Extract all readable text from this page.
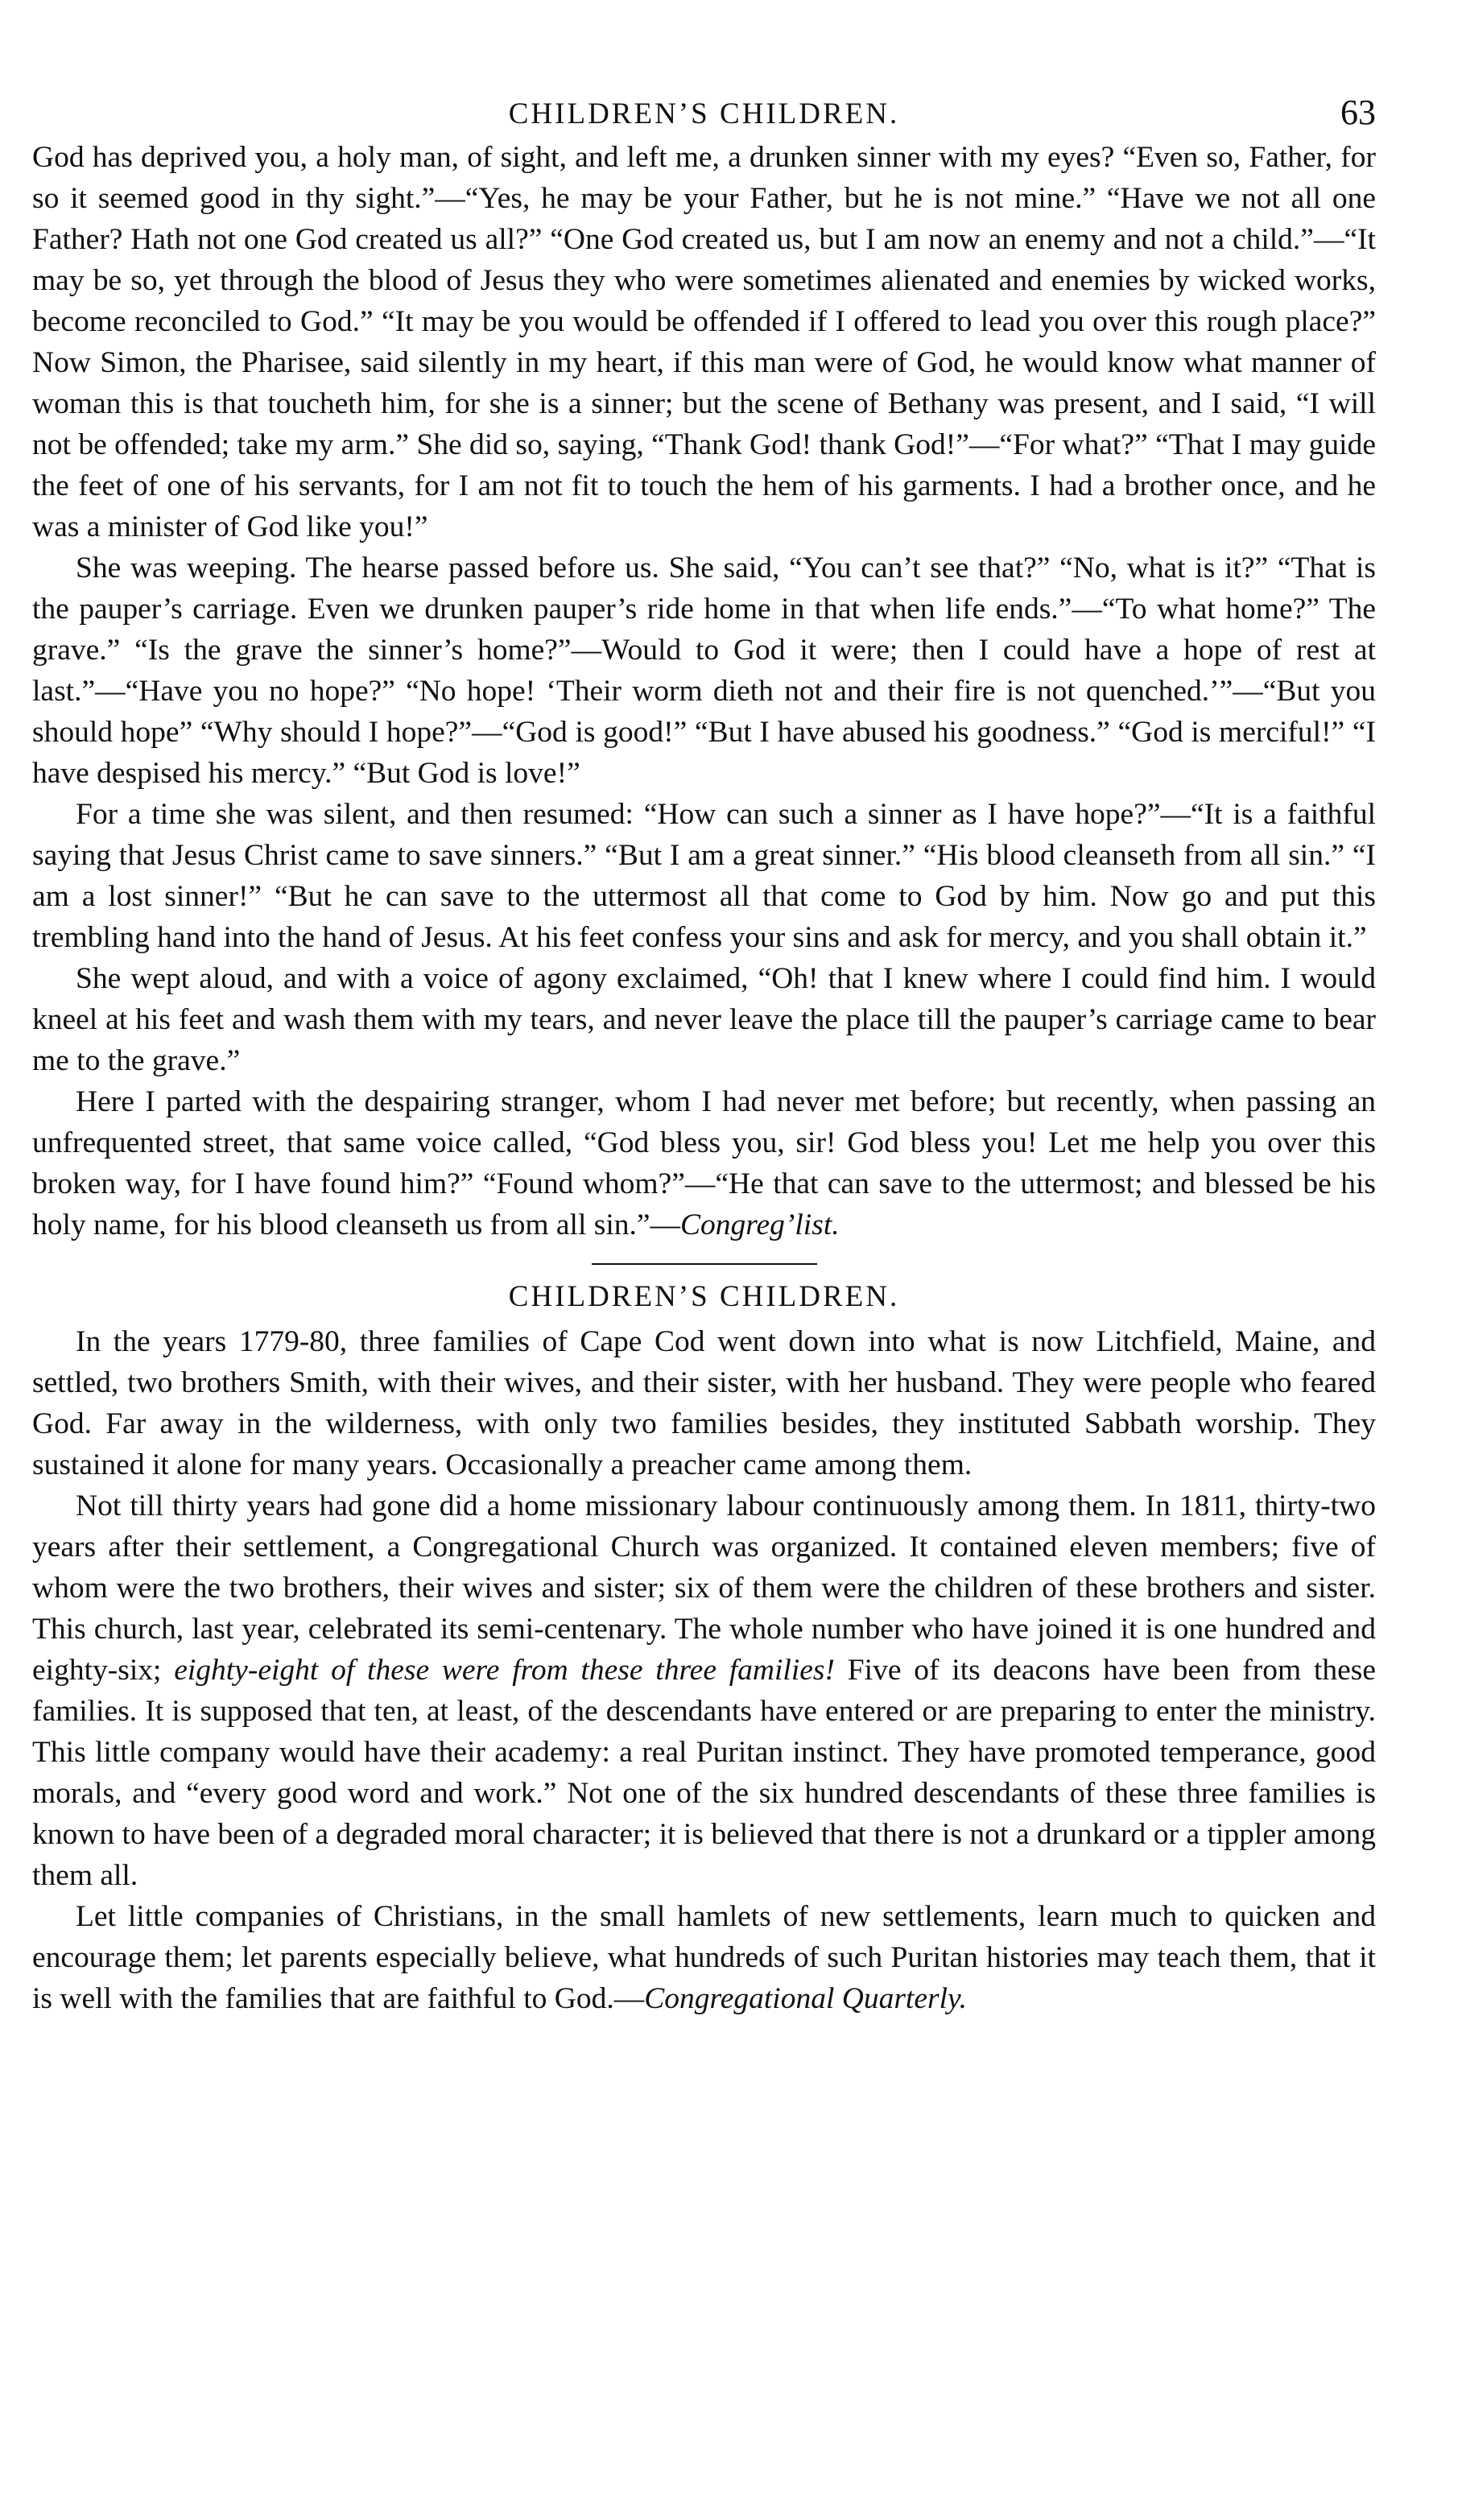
CHILDREN’S CHILDREN.	63

God has deprived you, a holy man, of sight, and left me, a drunken sinner with my eyes? “Even so, Father, for so it seemed good in thy sight.”—“Yes, he may be your Father, but he is not mine.” “Have we not all one Father? Hath not one God created us all?” “One God created us, but I am now an enemy and not a child.”—“It may be so, yet through the blood of Jesus they who were sometimes alienated and enemies by wicked works, become reconciled to God.” “It may be you would be offended if I offered to lead you over this rough place?” Now Simon, the Pharisee, said silently in my heart, if this man were of God, he would know what manner of woman this is that toucheth him, for she is a sinner; but the scene of Bethany was present, and I said, “I will not be offended; take my arm.” She did so, saying, “Thank God! thank God!”—“For what?” “That I may guide the feet of one of his servants, for I am not fit to touch the hem of his garments. I had a brother once, and he was a minister of God like you!”

She was weeping. The hearse passed before us. She said, “You can’t see that?” “No, what is it?” “That is the pauper’s carriage. Even we drunken pauper’s ride home in that when life ends.”—“To what home?” The grave.” “Is the grave the sinner’s home?”—Would to God it were; then I could have a hope of rest at last.”—“Have you no hope?” “No hope! ‘Their worm dieth not and their fire is not quenched.’”—“But you should hope” “Why should I hope?”—“God is good!” “But I have abused his goodness.” “God is merciful!” “I have despised his mercy.” “But God is love!”

For a time she was silent, and then resumed: “How can such a sinner as I have hope?”—“It is a faithful saying that Jesus Christ came to save sinners.” “But I am a great sinner.” “His blood cleanseth from all sin.” “I am a lost sinner!” “But he can save to the uttermost all that come to God by him. Now go and put this trembling hand into the hand of Jesus. At his feet confess your sins and ask for mercy, and you shall obtain it.”

She wept aloud, and with a voice of agony exclaimed, “Oh! that I knew where I could find him. I would kneel at his feet and wash them with my tears, and never leave the place till the pauper’s carriage came to bear me to the grave.”

Here I parted with the despairing stranger, whom I had never met before; but recently, when passing an unfrequented street, that same voice called, “God bless you, sir! God bless you! Let me help you over this broken way, for I have found him?” “Found whom?”—“He that can save to the uttermost; and blessed be his holy name, for his blood cleanseth us from all sin.”—Congreg’list.

CHILDREN’S CHILDREN.

In the years 1779-80, three families of Cape Cod went down into what is now Litchfield, Maine, and settled, two brothers Smith, with their wives, and their sister, with her husband. They were people who feared God. Far away in the wilderness, with only two families besides, they instituted Sabbath worship. They sustained it alone for many years. Occasionally a preacher came among them.

Not till thirty years had gone did a home missionary labour continuously among them. In 1811, thirty-two years after their settlement, a Congregational Church was organized. It contained eleven members; five of whom were the two brothers, their wives and sister; six of them were the children of these brothers and sister. This church, last year, celebrated its semi-centenary. The whole number who have joined it is one hundred and eighty-six; eighty-eight of these were from these three families! Five of its deacons have been from these families. It is supposed that ten, at least, of the descendants have entered or are preparing to enter the ministry. This little company would have their academy: a real Puritan instinct. They have promoted temperance, good morals, and “every good word and work.” Not one of the six hundred descendants of these three families is known to have been of a degraded moral character; it is believed that there is not a drunkard or a tippler among them all.

Let little companies of Christians, in the small hamlets of new settlements, learn much to quicken and encourage them; let parents especially believe, what hundreds of such Puritan histories may teach them, that it is well with the families that are faithful to God.—Congregational Quarterly.
